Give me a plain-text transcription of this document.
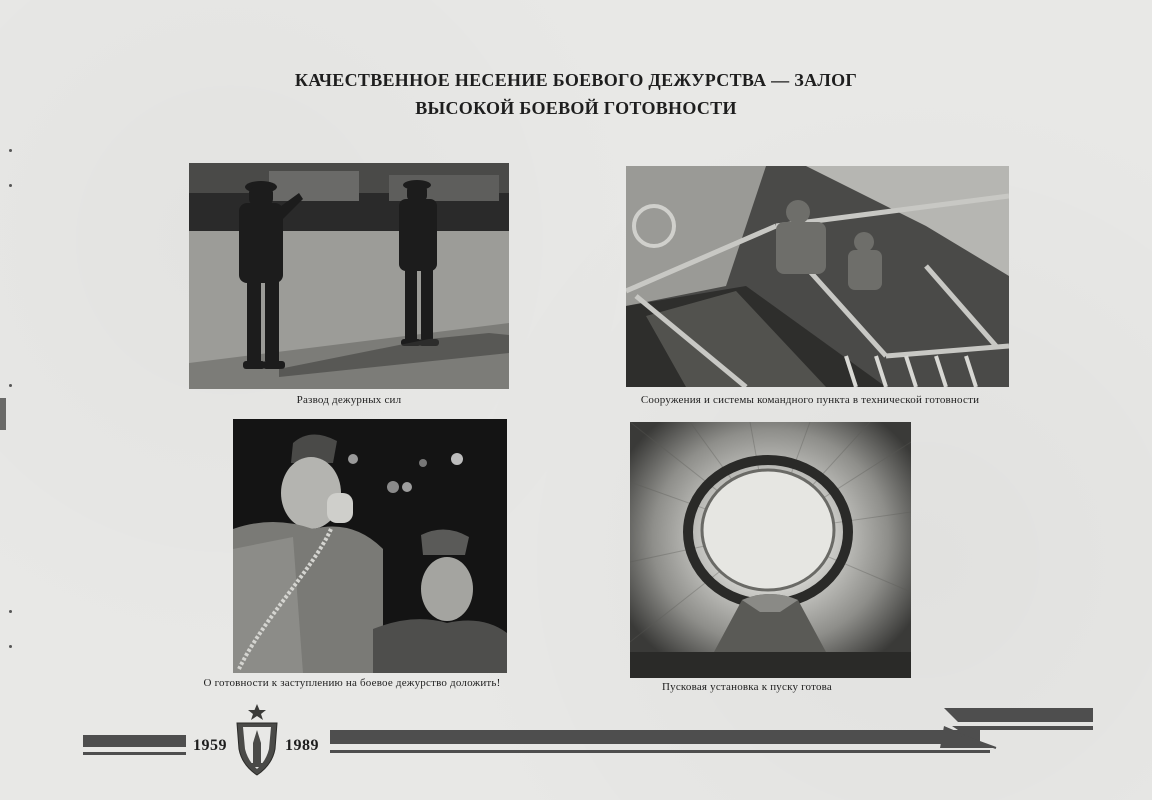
КАЧЕСТВЕННОЕ НЕСЕНИЕ БОЕВОГО ДЕЖУРСТВА — ЗАЛОГ
ВЫСОКОЙ БОЕВОЙ ГОТОВНОСТИ
Развод дежурных сил	Сооружения и системы командного пункта в технической готовности
О готовности к заступлению на боевое дежурство доложить!	Пусковая установка к пуску готова
1959	1989
